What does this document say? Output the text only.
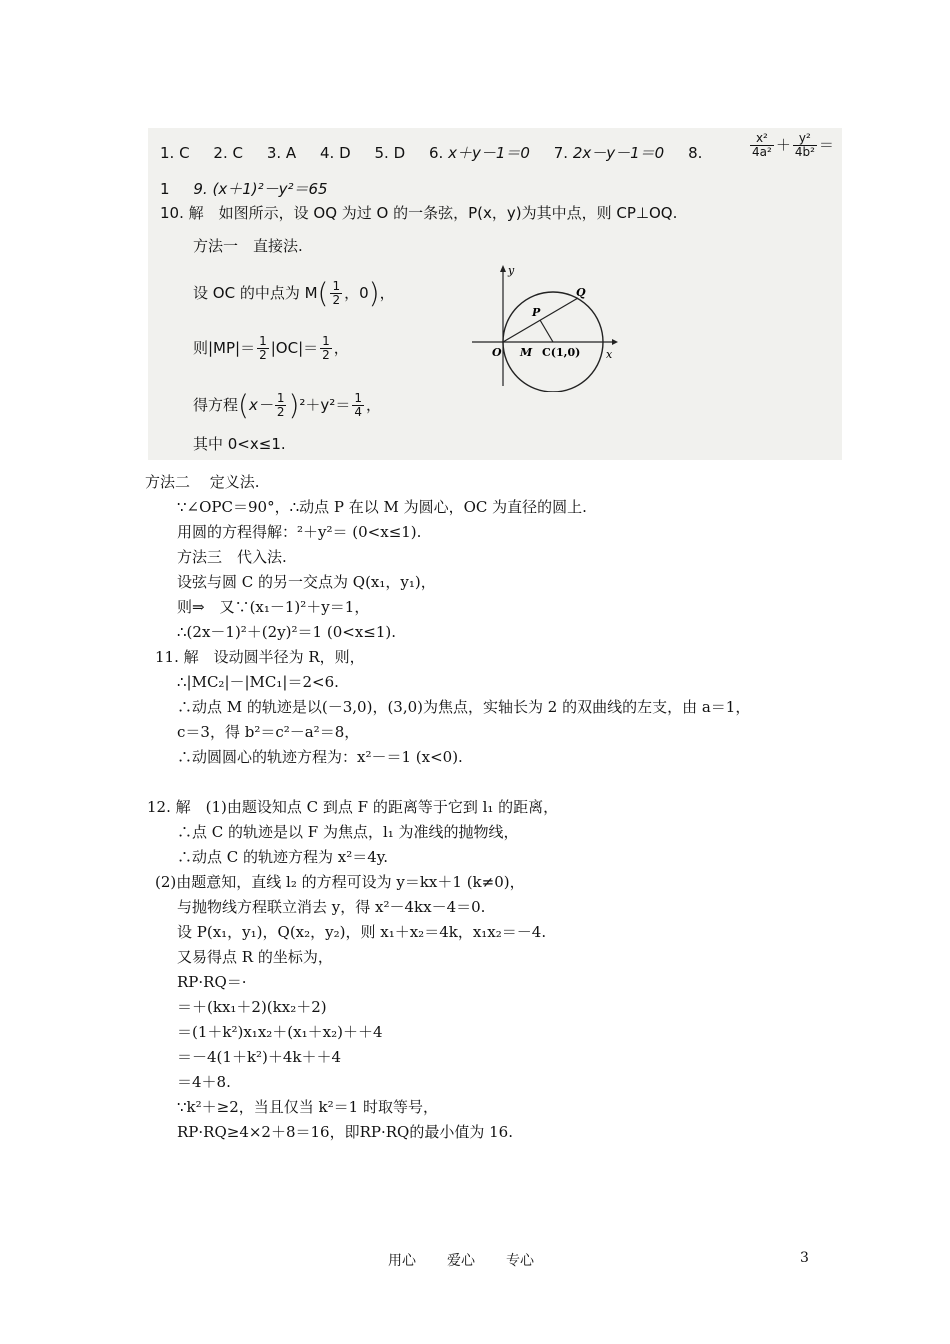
1. C 2. C 3. A 4. D 5. D 6. x＋y－1＝0 7. 2x－y－1＝0 8.	$\frac{\text{x²}}{\text{4a²}} + \frac{\text{y²}}{\text{4b²}}$ ＝
1 9. (x＋1)²－y²＝65
10. 解　如图所示，设 OQ 为过 O 的一条弦，P(x，y)为其中点，则 CP⊥OQ.
方法一　直接法.
设 OC 的中点为 $M( \frac{1}{2}$ ，0)，
则$|MP|= \frac{1}{2} |OC|= \frac{1}{2}$ ，
得方程$(x- \frac{1}{2} )^2+y^2= \frac{1}{4}$ ，
其中 0<x≤1.
y
x
O M C(1,0)
P
Q
方法二　 定义法.
∵∠OPC＝90°，∴动点 P 在以 M 为圆心，OC 为直径的圆上.
用圆的方程得解：²＋y²＝ (0<x≤1).
方法三　代入法.
设弦与圆 C 的另一交点为 Q(x₁，y₁)，
则⇒　又∵(x₁－1)²＋y＝1，
∴(2x－1)²＋(2y)²＝1 (0<x≤1).
11. 解　设动圆半径为 R，则，
∴|MC₂|－|MC₁|＝2<6.
∴动点 M 的轨迹是以(－3,0)，(3,0)为焦点，实轴长为 2 的双曲线的左支，由 a＝1，
c＝3，得 b²＝c²－a²＝8，
∴动圆圆心的轨迹方程为：x²－＝1 (x<0).
12. 解　(1)由题设知点 C 到点 F 的距离等于它到 l₁ 的距离，
∴点 C 的轨迹是以 F 为焦点，l₁ 为准线的抛物线，
∴动点 C 的轨迹方程为 x²＝4y.
(2)由题意知，直线 l₂ 的方程可设为 y＝kx＋1 (k≠0)，
与抛物线方程联立消去 y，得 x²－4kx－4＝0.
设 P(x₁，y₁)，Q(x₂，y₂)，则 x₁＋x₂＝4k，x₁x₂＝－4.
又易得点 R 的坐标为，
RP·RQ＝·
＝＋(kx₁＋2)(kx₂＋2)
＝(1＋k²)x₁x₂＋(x₁＋x₂)＋＋4
＝－4(1＋k²)＋4k＋＋4
＝4＋8.
∵k²＋≥2，当且仅当 k²＝1 时取等号，
RP·RQ≥4×2＋8＝16，即RP·RQ的最小值为 16.
用心 爱心 专心	3
